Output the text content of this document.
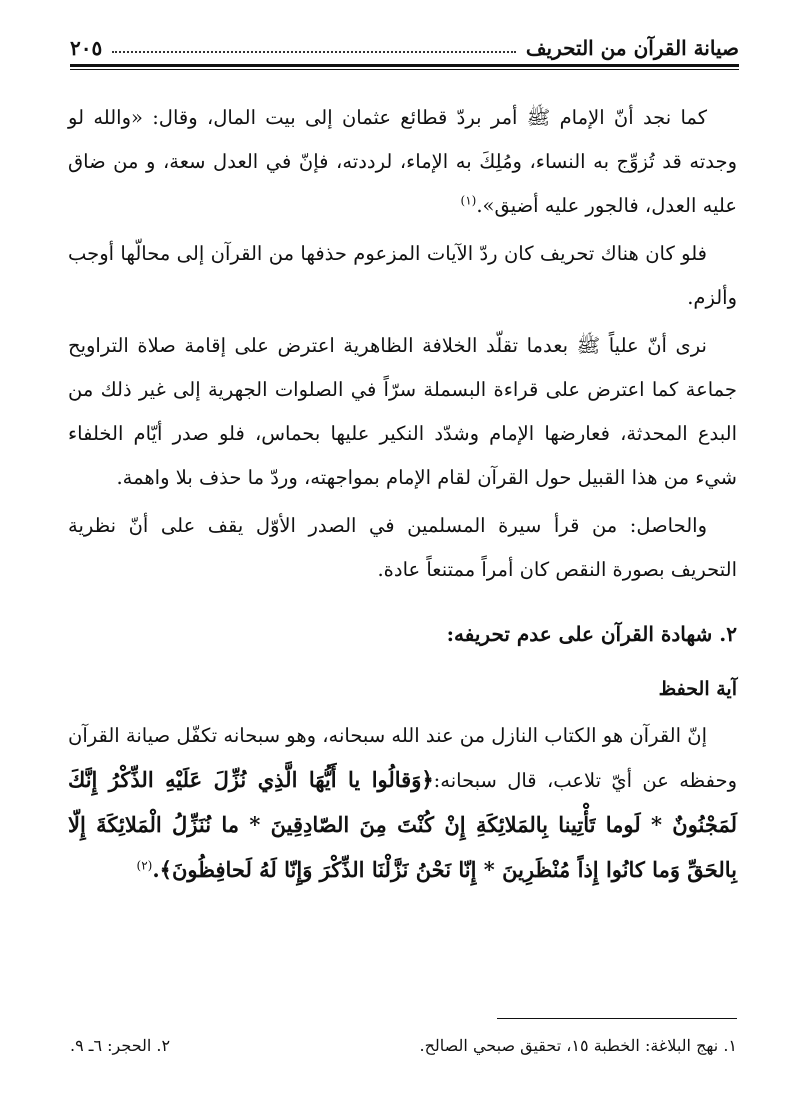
صيانة القرآن من التحريف
٢٠٥

كما نجد أنّ الإمام ﷺ أمر بردّ قطائع عثمان إلى بيت المال، وقال: «والله لو وجدته قد تُزوِّج به النساء، ومُلِكَ به الإماء، لرددته، فإنّ في العدل سعة، و من ضاق عليه العدل، فالجور عليه أضيق».$^{(١)}$

فلو كان هناك تحريف كان ردّ الآيات المزعوم حذفها من القرآن إلى محالّها أوجب وألزم.

نرى أنّ علياً ﷺ بعدما تقلّد الخلافة الظاهرية اعترض على إقامة صلاة التراويح جماعة كما اعترض على قراءة البسملة سرّاً في الصلوات الجهرية إلى غير ذلك من البدع المحدثة، فعارضها الإمام وشدّد النكير عليها بحماس، فلو صدر أيّام الخلفاء شيء من هذا القبيل حول القرآن لقام الإمام بمواجهته، وردّ ما حذف بلا واهمة.

والحاصل: من قرأ سيرة المسلمين في الصدر الأوّل يقف على أنّ نظرية التحريف بصورة النقص كان أمراً ممتنعاً عادة.

٢. شهادة القرآن على عدم تحريفه:
آية الحفظ

إنّ القرآن هو الكتاب النازل من عند الله سبحانه، وهو سبحانه تكفّل صيانة القرآن وحفظه عن أيّ تلاعب، قال سبحانه:﴿وَقالُوا يا أَيُّهَا الَّذِي نُزِّلَ عَلَيْهِ الذِّكْرُ إِنَّكَ لَمَجْنُونٌ * لَوما تَأْتِينا بِالمَلائِكَةِ إِنْ كُنْتَ مِنَ الصّادِقِينَ * ما نُنَزِّلُ الْمَلائِكَةَ إِلّا بِالحَقِّ وَما كانُوا إِذاً مُنْظَرِينَ * إِنّا نَحْنُ نَزَّلْنَا الذِّكْرَ وَإِنّا لَهُ لَحافِظُونَ﴾.$^{(٢)}$

١. نهج البلاغة: الخطبة ١٥، تحقيق صبحي الصالح.
٢. الحجر: ٦ـ ٩.
